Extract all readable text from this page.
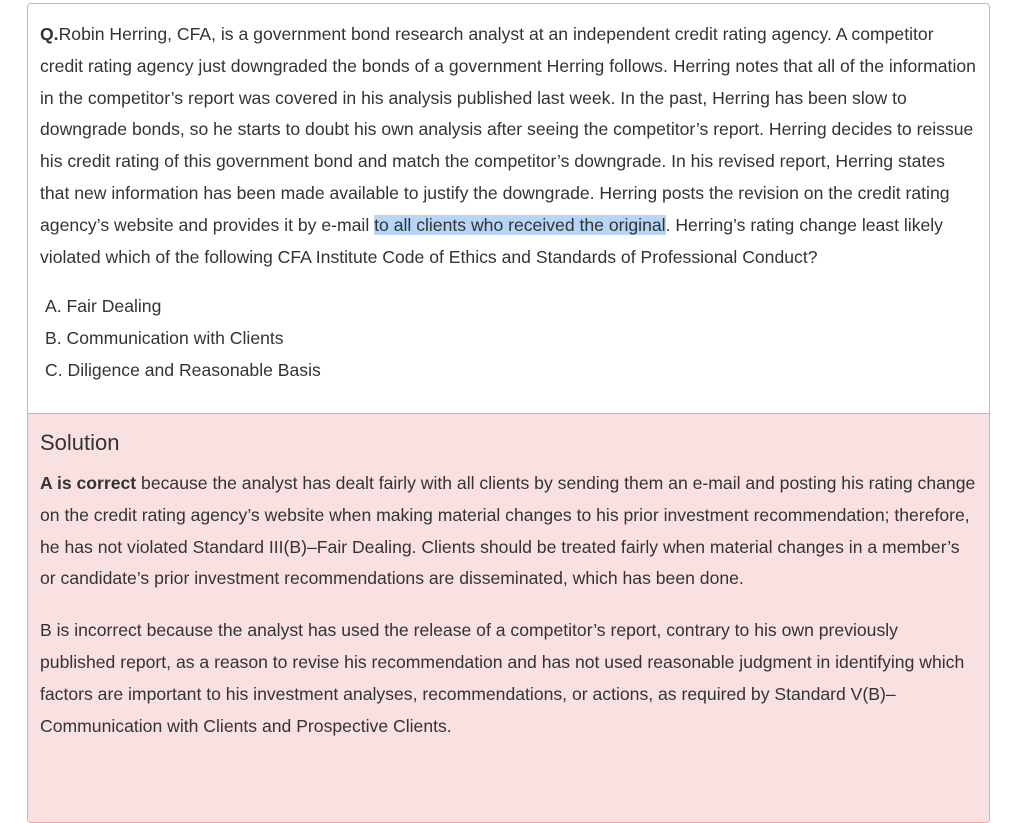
Q.Robin Herring, CFA, is a government bond research analyst at an independent credit rating agency. A competitor credit rating agency just downgraded the bonds of a government Herring follows. Herring notes that all of the information in the competitor’s report was covered in his analysis published last week. In the past, Herring has been slow to downgrade bonds, so he starts to doubt his own analysis after seeing the competitor’s report. Herring decides to reissue his credit rating of this government bond and match the competitor’s downgrade. In his revised report, Herring states that new information has been made available to justify the downgrade. Herring posts the revision on the credit rating agency’s website and provides it by e-mail to all clients who received the original. Herring’s rating change least likely violated which of the following CFA Institute Code of Ethics and Standards of Professional Conduct?
A. Fair Dealing
B. Communication with Clients
C. Diligence and Reasonable Basis
Solution

A is correct because the analyst has dealt fairly with all clients by sending them an e-mail and posting his rating change on the credit rating agency’s website when making material changes to his prior investment recommendation; therefore, he has not violated Standard III(B)–Fair Dealing. Clients should be treated fairly when material changes in a member’s or candidate’s prior investment recommendations are disseminated, which has been done.

B is incorrect because the analyst has used the release of a competitor’s report, contrary to his own previously published report, as a reason to revise his recommendation and has not used reasonable judgment in identifying which factors are important to his investment analyses, recommendations, or actions, as required by Standard V(B)–Communication with Clients and Prospective Clients.
